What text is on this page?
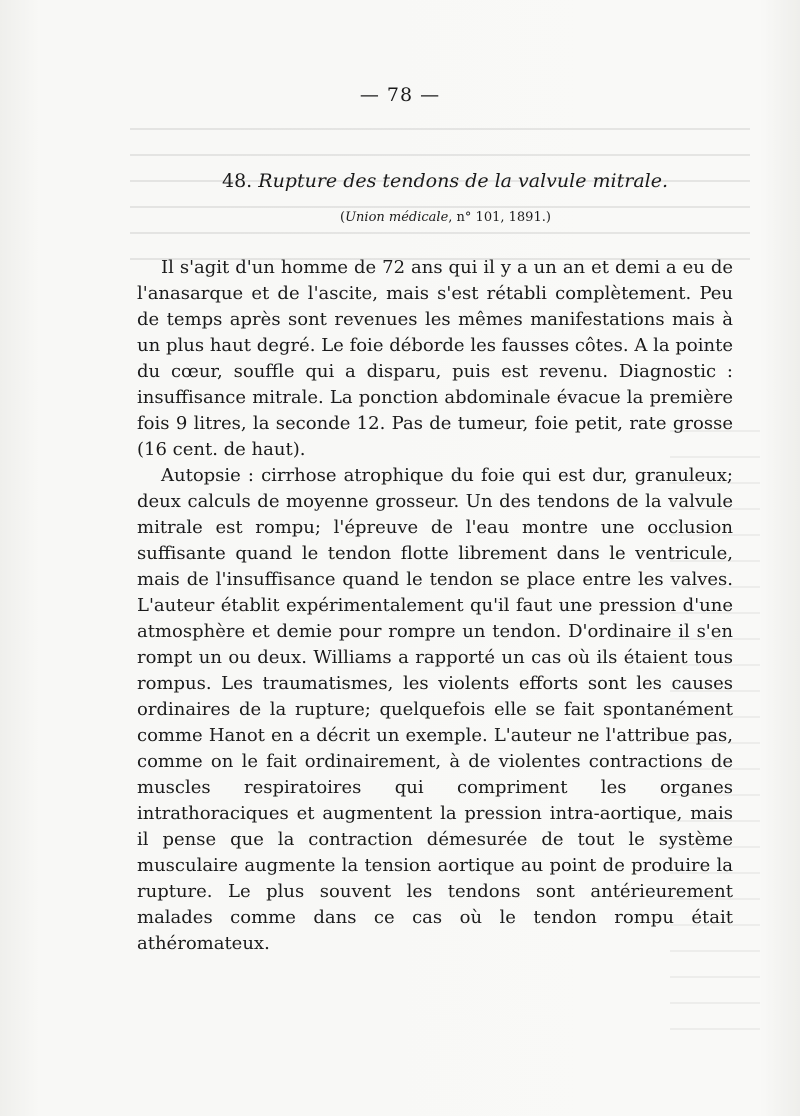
— 78 —
48. Rupture des tendons de la valvule mitrale.
(Union médicale, n° 101, 1891.)

Il s'agit d'un homme de 72 ans qui il y a un an et demi a eu de l'anasarque et de l'ascite, mais s'est rétabli complètement. Peu de temps après sont revenues les mêmes manifestations mais à un plus haut degré. Le foie déborde les fausses côtes. A la pointe du cœur, souffle qui a disparu, puis est revenu. Diagnostic : insuffisance mitrale. La ponction abdominale évacue la première fois 9 litres, la seconde 12. Pas de tumeur, foie petit, rate grosse (16 cent. de haut).

Autopsie : cirrhose atrophique du foie qui est dur, granuleux; deux calculs de moyenne grosseur. Un des tendons de la valvule mitrale est rompu; l'épreuve de l'eau montre une occlusion suffisante quand le tendon flotte librement dans le ventricule, mais de l'insuffisance quand le tendon se place entre les valves. L'auteur établit expérimentalement qu'il faut une pression d'une atmosphère et demie pour rompre un tendon. D'ordinaire il s'en rompt un ou deux. Williams a rapporté un cas où ils étaient tous rompus. Les traumatismes, les violents efforts sont les causes ordinaires de la rupture; quelquefois elle se fait spontanément comme Hanot en a décrit un exemple. L'auteur ne l'attribue pas, comme on le fait ordinairement, à de violentes contractions de muscles respiratoires qui compriment les organes intrathoraciques et augmentent la pression intra-aortique, mais il pense que la contraction démesurée de tout le système musculaire augmente la tension aortique au point de produire la rupture. Le plus souvent les tendons sont antérieurement malades comme dans ce cas où le tendon rompu était athéromateux.
